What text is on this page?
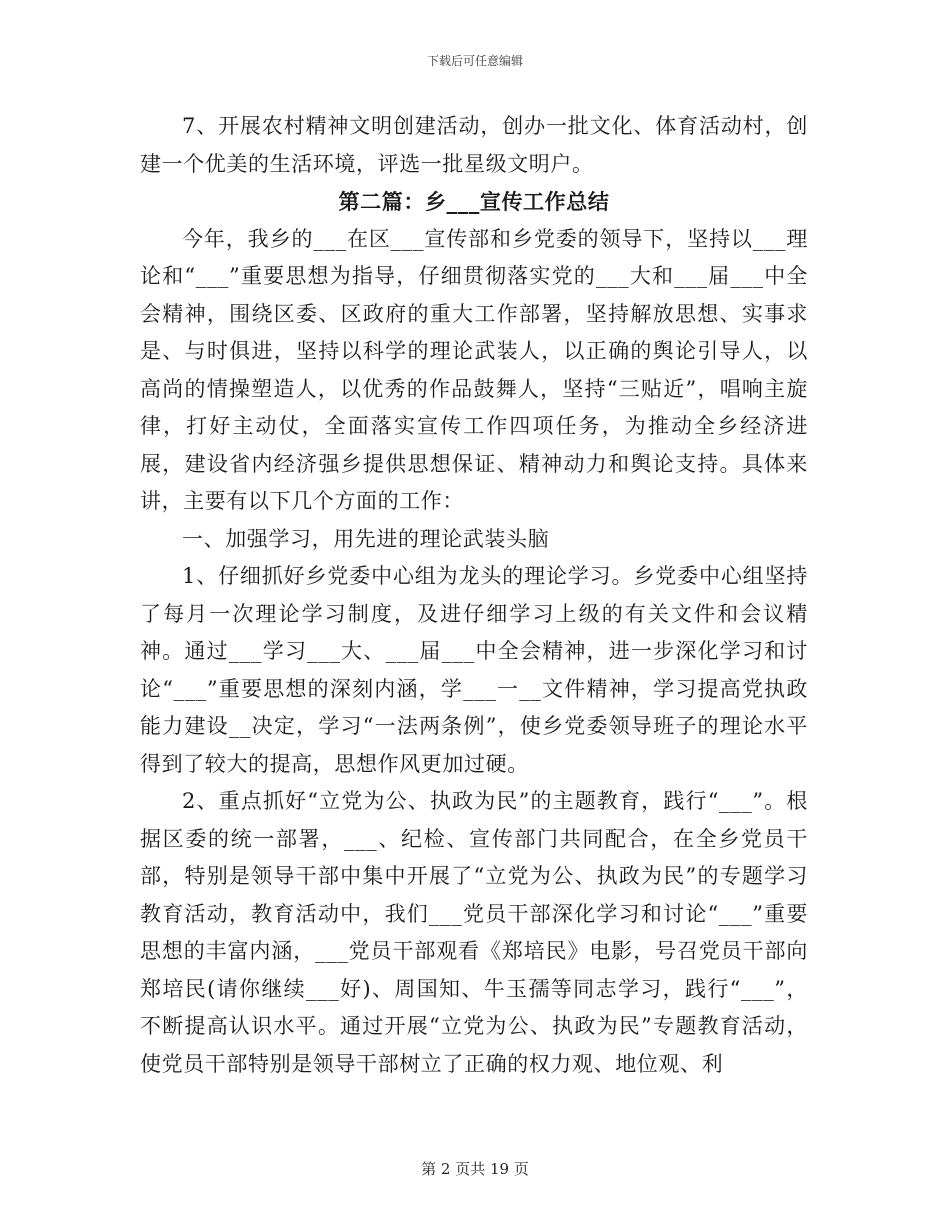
下载后可任意编辑

7、开展农村精神文明创建活动，创办一批文化、体育活动村，创建一个优美的生活环境，评选一批星级文明户。

第二篇：乡___宣传工作总结

今年，我乡的___在区___宣传部和乡党委的领导下，坚持以___理论和“___”重要思想为指导，仔细贯彻落实党的___大和___届___中全会精神，围绕区委、区政府的重大工作部署，坚持解放思想、实事求是、与时俱进，坚持以科学的理论武装人，以正确的舆论引导人，以高尚的情操塑造人，以优秀的作品鼓舞人，坚持“三贴近”，唱响主旋律，打好主动仗，全面落实宣传工作四项任务，为推动全乡经济进展，建设省内经济强乡提供思想保证、精神动力和舆论支持。具体来讲，主要有以下几个方面的工作：

一、加强学习，用先进的理论武装头脑

1、仔细抓好乡党委中心组为龙头的理论学习。乡党委中心组坚持了每月一次理论学习制度，及进仔细学习上级的有关文件和会议精神。通过___学习___大、___届___中全会精神，进一步深化学习和讨论“___”重要思想的深刻内涵，学___一__文件精神，学习提高党执政能力建设__决定，学习“一法两条例”，使乡党委领导班子的理论水平得到了较大的提高，思想作风更加过硬。

2、重点抓好“立党为公、执政为民”的主题教育，践行“___”。根据区委的统一部署，___、纪检、宣传部门共同配合，在全乡党员干部，特别是领导干部中集中开展了“立党为公、执政为民”的专题学习教育活动，教育活动中，我们___党员干部深化学习和讨论“___”重要思想的丰富内涵，___党员干部观看《郑培民》电影，号召党员干部向郑培民(请你继续___好)、周国知、牛玉孺等同志学习，践行“___”，不断提高认识水平。通过开展“立党为公、执政为民”专题教育活动，使党员干部特别是领导干部树立了正确的权力观、地位观、利

第 2 页共 19 页
